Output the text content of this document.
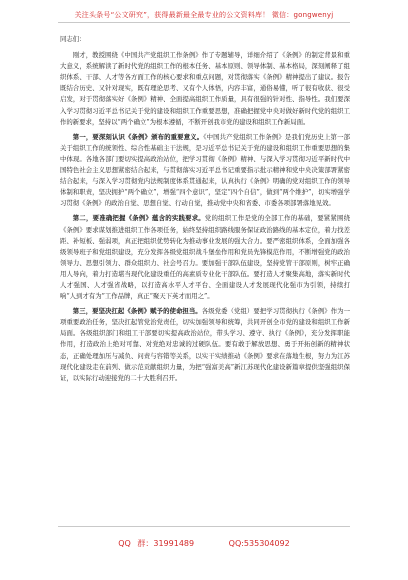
关注头条号“公文研究”，获得最新最全最专业的公文资料库！ 微信：gongwenyj

同志们：

刚才，教授围绕《中国共产党组织工作条例》作了专题辅导，详细介绍了《条例》的制定背景和重大意义，系统解读了新时代党的组织工作的根本任务、基本原则、领导体制、基本格局，深刻阐释了组织体系、干部、人才等各方面工作的核心要求和重点问题，对贯彻落实《条例》精神提出了建议。报告既结合历史、又针对现实，既有理论思考、又有个人体悟，内容丰富，通俗易懂，听了很有收获、很受启发，对于贯彻落实好《条例》精神、全面提高组织工作质量，具有很强的针对性、指导性。我们要深入学习贯彻习近平总书记关于党的建设和组织工作重要思想，准确把握党中央对做好新时代党的组织工作的新要求，坚持以“两个确立”为根本遵循，不断开创我市党的建设和组织工作新局面。

第一，要深刻认识《条例》颁布的重要意义。《中国共产党组织工作条例》是我们党历史上第一部关于组织工作的统领性、综合性基础主干法规，是习近平总书记关于党的建设和组织工作重要思想的集中体现。各地各部门要切实提高政治站位，把学习贯彻《条例》精神、与深入学习贯彻习近平新时代中国特色社会主义思想紧密结合起来，与贯彻落实习近平总书记重要指示批示精神和党中央决策部署紧密结合起来，与深入学习贯彻党内法规制度体系贯通起来，认真执行《条例》明确的党对组织工作的领导体制和职责，坚决拥护“两个确立”，增强“四个意识”，坚定“四个自信”，做到“两个维护”，切实增强学习贯彻《条例》的政治自觉、思想自觉、行动自觉，推动党中央和省委、市委各项部署落地见效。

第二，要准确把握《条例》蕴含的实践要求。党的组织工作是党的全部工作的基础，要紧紧围绕《条例》要求谋划推进组织工作各项任务，始终坚持组织路线服务保证政治路线的基本定位，着力找差距、补短板、强弱项，真正把组织优势转化为推动事业发展的强大合力。要严密组织体系，全面加强各级领导班子和党组织建设，充分发挥各级党组织战斗堡垒作用和党员先锋模范作用，不断增强党的政治领导力、思想引领力、群众组织力、社会号召力。要加强干部队伍建设，坚持党管干部原则，树牢正确用人导向，着力打造堪当现代化建设重任的高素质专业化干部队伍。要打造人才聚集高地，落实新时代人才强国、人才强省战略，以打造高水平人才平台、全面建设人才发展现代化强市为引领，持续打响“人到才有为”工作品牌，真正“聚天下英才而用之”。

第三，要坚决扛起《条例》赋予的使命担当。各级党委（党组）要把学习贯彻执行《条例》作为一项重要政治任务，坚决扛起管党治党责任，切实加强领导和统筹，共同开创全市党的建设和组织工作新局面。各级组织部门和组工干部要切实提高政治站位，带头学习、遵守、执行《条例》，充分发挥职能作用，打造政治上绝对可靠、对党绝对忠诚的过硬队伍。要有敢于解放思想、勇于开拓创新的精神状态，正确处理加压与减负、问责与容错等关系，以实干实绩推动《条例》要求在落地生根，努力为江苏现代化建设走在前列、做示范贡献组织力量，为把“强富美高”新江苏现代化建设新篇章提供坚强组织保证，以实际行动迎接党的二十大胜利召开。

QQ 群：31991489	QQ:535304092
